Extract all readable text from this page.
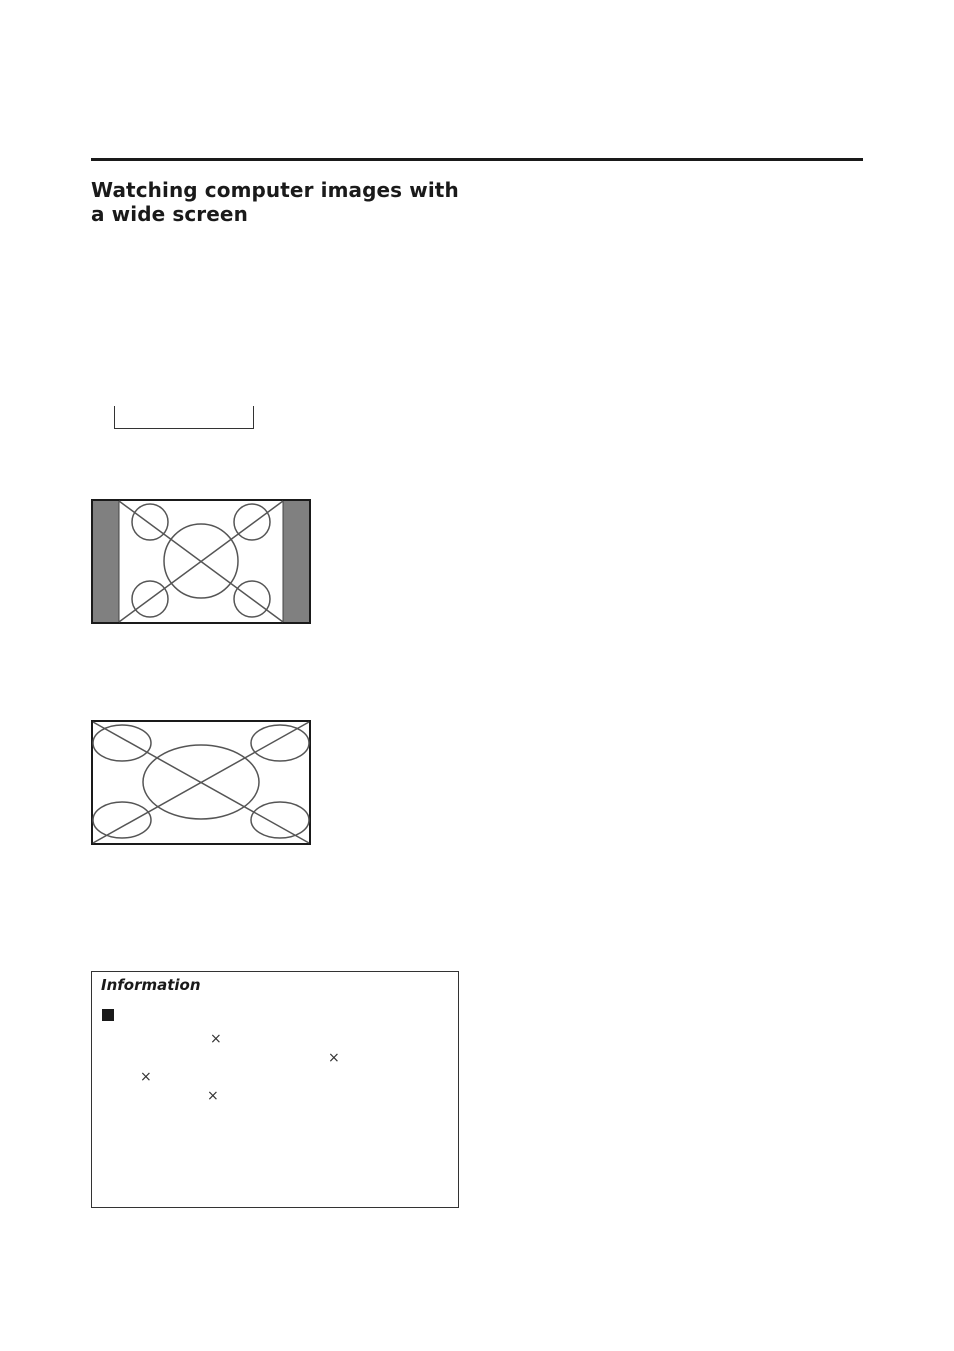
Watching computer images with a wide screen
Information
×
×
×
×
